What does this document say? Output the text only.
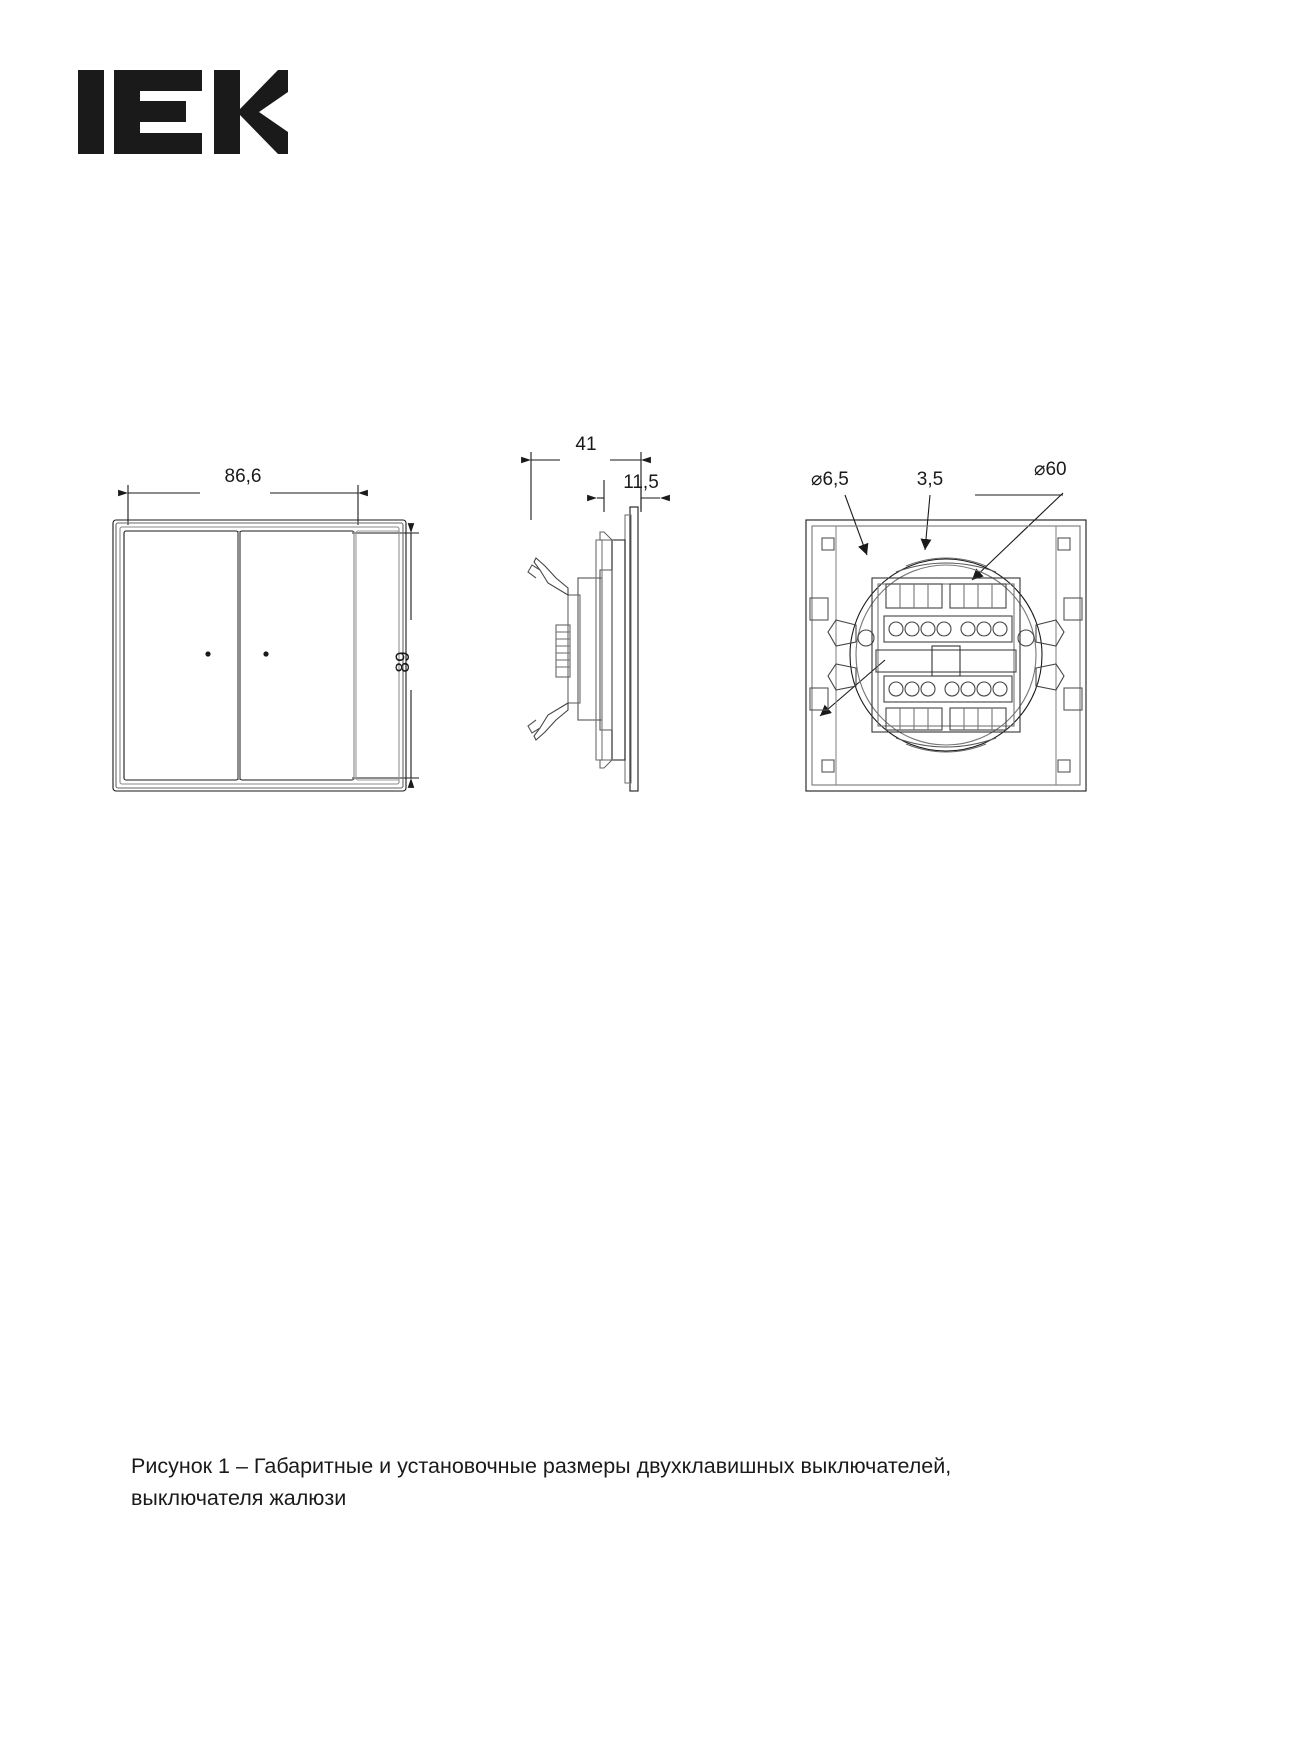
86,6
89
41
11,5	⌀6,5	3,5	⌀60
Рисунок 1 – Габаритные и установочные размеры двухклавишных выключателей, выключателя жалюзи
